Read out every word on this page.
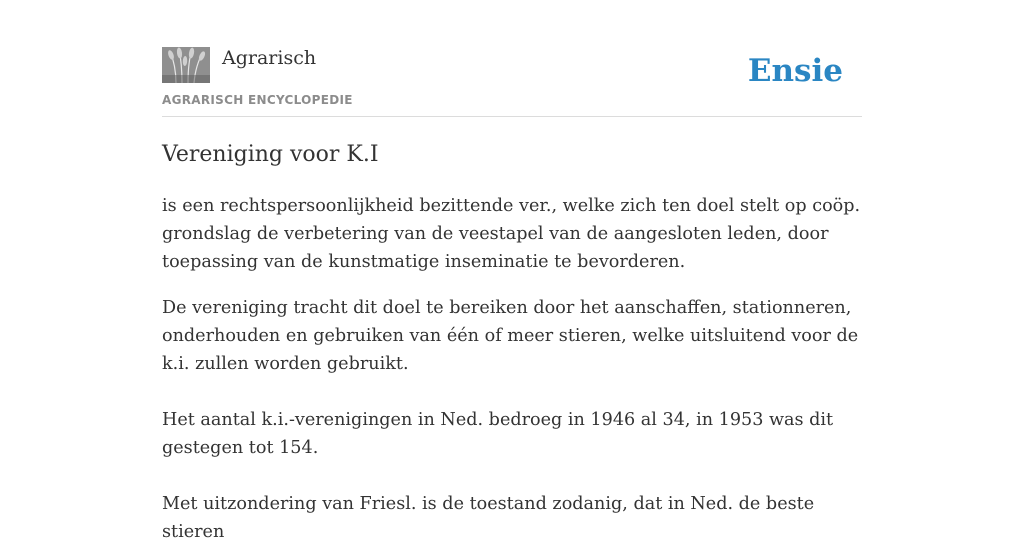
Agrarisch
AGRARISCH ENCYCLOPEDIE
Ensie
Vereniging voor K.I

is een rechtspersoonlijkheid bezittende ver., welke zich ten doel stelt op coöp. grondslag de verbetering van de veestapel van de aangesloten leden, door toepassing van de kunstmatige inseminatie te bevorderen.

De vereniging tracht dit doel te bereiken door het aanschaffen, stationneren, onderhouden en gebruiken van één of meer stieren, welke uitsluitend voor de k.i. zullen worden gebruikt.

Het aantal k.i.-verenigingen in Ned. bedroeg in 1946 al 34, in 1953 was dit gestegen tot 154.

Met uitzondering van Friesl. is de toestand zodanig, dat in Ned. de beste stieren
